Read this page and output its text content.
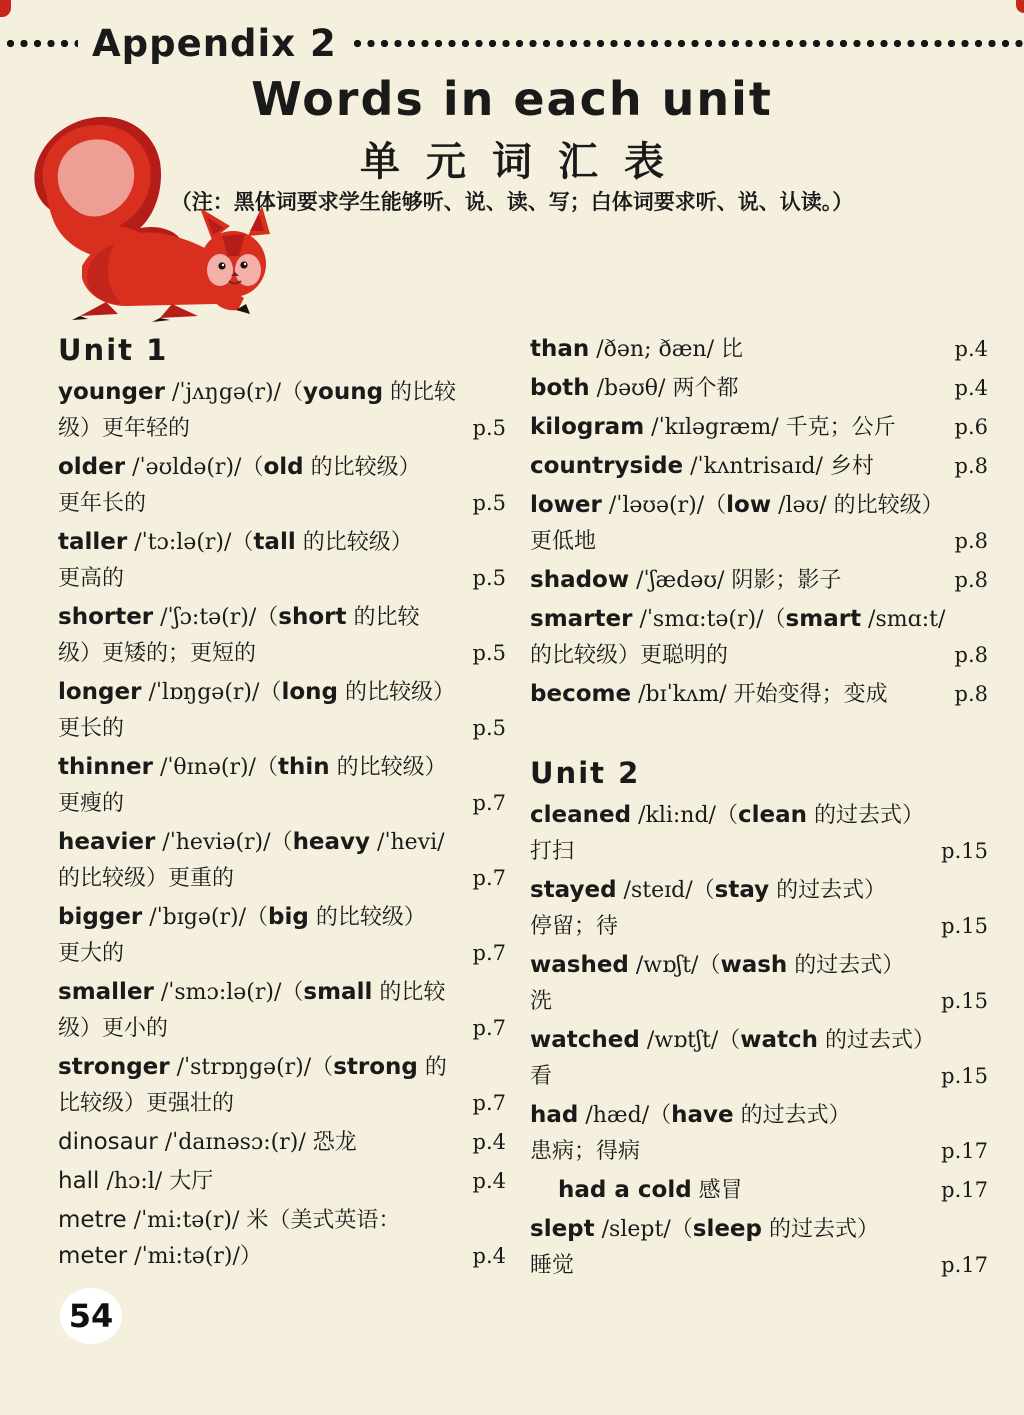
Appendix 2
Words in each unit
单元词汇表
（注：黑体词要求学生能够听、说、读、写；白体词要求听、说、认读。）
Unit 1
younger /ˈjʌŋgə(r)/（young 的比较
级）更年轻的	p.5
older /ˈəʊldə(r)/（old 的比较级）
更年长的	p.5
taller /ˈtɔ:lə(r)/（tall 的比较级）
更高的	p.5
shorter /ˈʃɔ:tə(r)/（short 的比较
级）更矮的；更短的	p.5
longer /ˈlɒŋgə(r)/（long 的比较级）
更长的	p.5
thinner /ˈθɪnə(r)/（thin 的比较级）
更瘦的	p.7
heavier /ˈheviə(r)/（heavy /ˈhevi/
的比较级）更重的	p.7
bigger /ˈbɪgə(r)/（big 的比较级）
更大的	p.7
smaller /ˈsmɔ:lə(r)/（small 的比较
级）更小的	p.7
stronger /ˈstrɒŋgə(r)/（strong 的
比较级）更强壮的	p.7
dinosaur /ˈdaɪnəsɔ:(r)/ 恐龙	p.4
hall /hɔ:l/ 大厅	p.4
metre /ˈmi:tə(r)/ 米（美式英语：
meter /ˈmi:tə(r)/）	p.4
than /ðən; ðæn/ 比	p.4
both /bəʊθ/ 两个都	p.4
kilogram /ˈkɪləgræm/ 千克；公斤	p.6
countryside /ˈkʌntrisaɪd/ 乡村	p.8
lower /ˈləʊə(r)/（low /ləʊ/ 的比较级）
更低地	p.8
shadow /ˈʃædəʊ/ 阴影；影子	p.8
smarter /ˈsmɑ:tə(r)/（smart /smɑ:t/
的比较级）更聪明的	p.8
become /bɪˈkʌm/ 开始变得；变成	p.8
Unit 2
cleaned /kli:nd/（clean 的过去式）
打扫	p.15
stayed /steɪd/（stay 的过去式）
停留；待	p.15
washed /wɒʃt/（wash 的过去式）
洗	p.15
watched /wɒtʃt/（watch 的过去式）
看	p.15
had /hæd/（have 的过去式）
患病；得病	p.17
had a cold 感冒	p.17
slept /slept/（sleep 的过去式）
睡觉	p.17
54
